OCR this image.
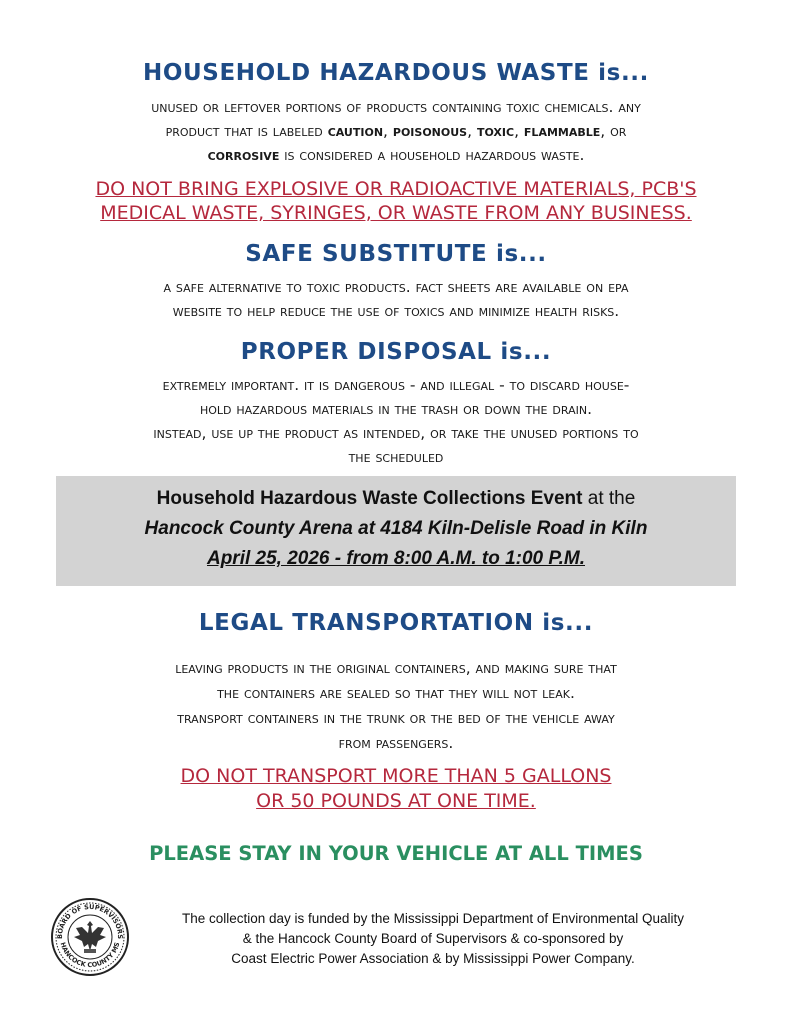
HOUSEHOLD HAZARDOUS WASTE is...
unused or leftover portions of products containing toxic chemicals. any
product that is labeled caution, poisonous, toxic, flammable, or
corrosive is considered a household hazardous waste.
DO NOT BRING EXPLOSIVE OR RADIOACTIVE MATERIALS, PCB'S
MEDICAL WASTE, SYRINGES, OR WASTE FROM ANY BUSINESS.
SAFE SUBSTITUTE is...
a safe alternative to toxic products. fact sheets are available on epa
website to help reduce the use of toxics and minimize health risks.
PROPER DISPOSAL is...
extremely important. it is dangerous - and illegal - to discard house-
hold hazardous materials in the trash or down the drain.
instead, use up the product as intended, or take the unused portions to
the scheduled
Household Hazardous Waste Collections Event at the
Hancock County Arena at 4184 Kiln-Delisle Road in Kiln
April 25, 2026 - from 8:00 A.M. to 1:00 P.M.
LEGAL TRANSPORTATION is...
leaving products in the original containers, and making sure that
the containers are sealed so that they will not leak.
transport containers in the trunk or the bed of the vehicle away
from passengers.
DO NOT TRANSPORT MORE THAN 5 GALLONS
OR 50 POUNDS AT ONE TIME.
PLEASE STAY IN YOUR VEHICLE AT ALL TIMES
BOARD OF SUPERVISORS
HANCOCK COUNTY MS
The collection day is funded by the Mississippi Department of Environmental Quality
& the Hancock County Board of Supervisors & co-sponsored by
Coast Electric Power Association & by Mississippi Power Company.
